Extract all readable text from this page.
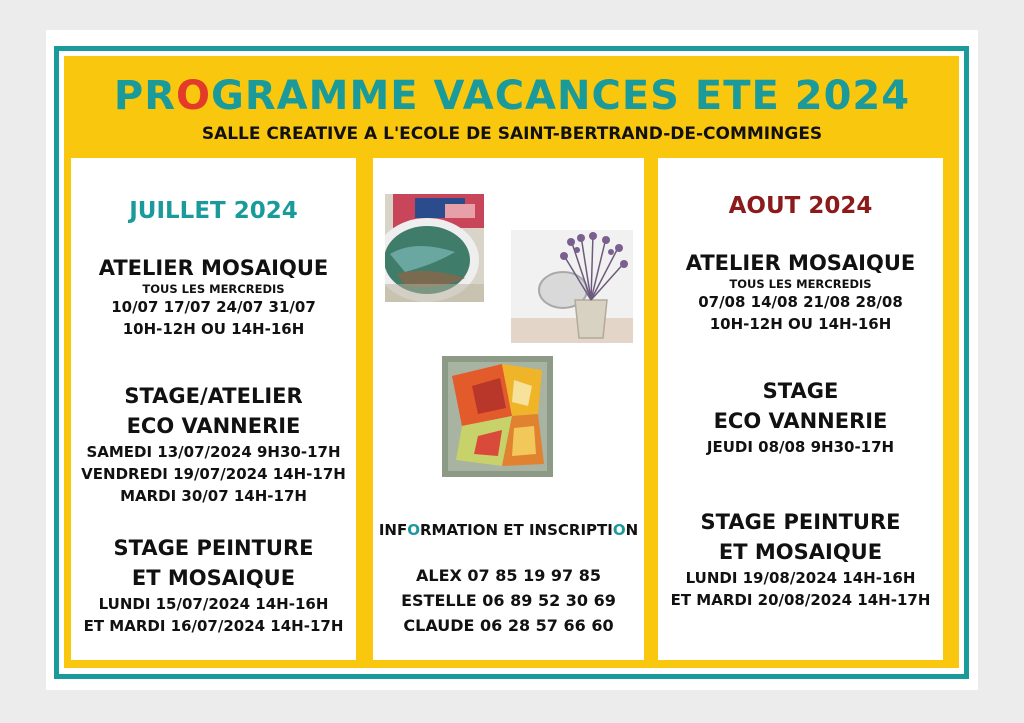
PROGRAMME VACANCES ETE 2024
SALLE CREATIVE A L'ECOLE DE SAINT-BERTRAND-DE-COMMINGES
JUILLET 2024
ATELIER MOSAIQUE
TOUS LES MERCREDIS
10/07 17/07 24/07 31/07
10H-12H OU 14H-16H
STAGE/ATELIER
ECO VANNERIE
SAMEDI 13/07/2024 9H30-17H
VENDREDI 19/07/2024 14H-17H
MARDI 30/07 14H-17H
STAGE PEINTURE
ET MOSAIQUE
LUNDI 15/07/2024 14H-16H
ET MARDI 16/07/2024 14H-17H
INFORMATION ET INSCRIPTION
ALEX 07 85 19 97 85
ESTELLE 06 89 52 30 69
CLAUDE 06 28 57 66 60
AOUT 2024
ATELIER MOSAIQUE
TOUS LES MERCREDIS
07/08 14/08 21/08 28/08
10H-12H OU 14H-16H
STAGE
ECO VANNERIE
JEUDI 08/08 9H30-17H
STAGE PEINTURE
ET MOSAIQUE
LUNDI 19/08/2024 14H-16H
ET MARDI 20/08/2024 14H-17H
